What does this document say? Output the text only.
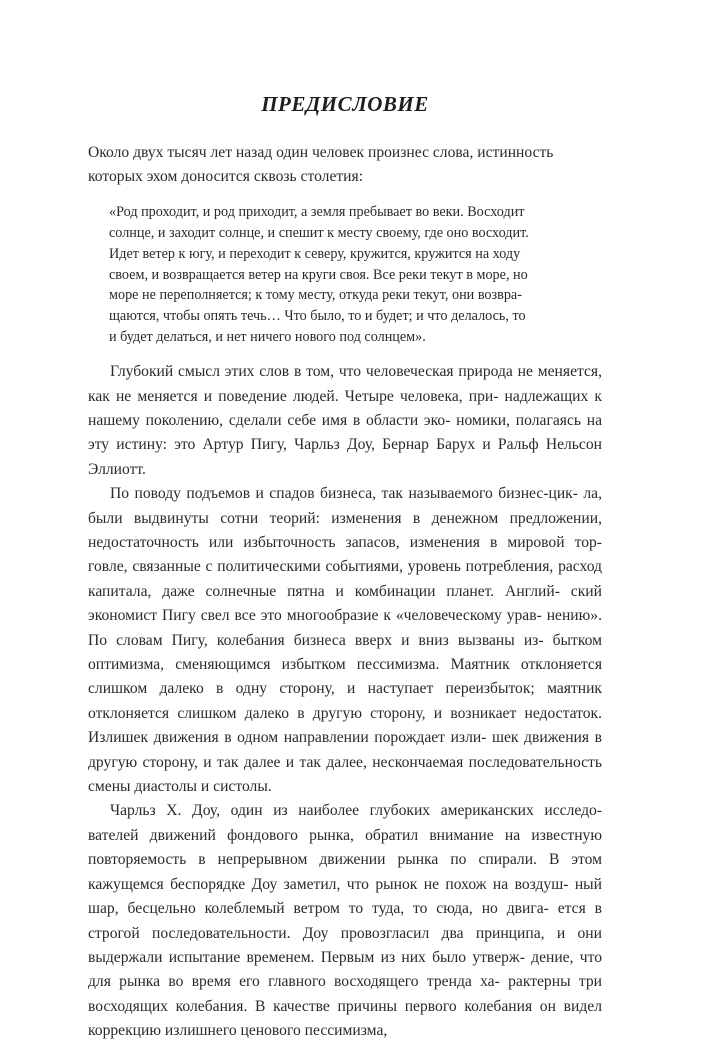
ПРЕДИСЛОВИЕ
Около двух тысяч лет назад один человек произнес слова, истинность
которых эхом доносится сквозь столетия:
«Род проходит, и род приходит, а земля пребывает во веки. Восходит
солнце, и заходит солнце, и спешит к месту своему, где оно восходит.
Идет ветер к югу, и переходит к северу, кружится, кружится на ходу
своем, и возвращается ветер на круги своя. Все реки текут в море, но
море не переполняется; к тому месту, откуда реки текут, они возвра-
щаются, чтобы опять течь… Что было, то и будет; и что делалось, то
и будет делаться, и нет ничего нового под солнцем».

Глубокий смысл этих слов в том, что человеческая природа не меняется, как не меняется и поведение людей. Четыре человека, при- надлежащих к нашему поколению, сделали себе имя в области эко- номики, полагаясь на эту истину: это Артур Пигу, Чарльз Доу, Бернар Барух и Ральф Нельсон Эллиотт.

По поводу подъемов и спадов бизнеса, так называемого бизнес-цик- ла, были выдвинуты сотни теорий: изменения в денежном предложении, недостаточность или избыточность запасов, изменения в мировой тор- говле, связанные с политическими событиями, уровень потребления, расход капитала, даже солнечные пятна и комбинации планет. Англий- ский экономист Пигу свел все это многообразие к «человеческому урав- нению». По словам Пигу, колебания бизнеса вверх и вниз вызваны из- бытком оптимизма, сменяющимся избытком пессимизма. Маятник отклоняется слишком далеко в одну сторону, и наступает переизбыток; маятник отклоняется слишком далеко в другую сторону, и возникает недостаток. Излишек движения в одном направлении порождает изли- шек движения в другую сторону, и так далее и так далее, нескончаемая последовательность смены диастолы и систолы.

Чарльз Х. Доу, один из наиболее глубоких американских исследо- вателей движений фондового рынка, обратил внимание на известную повторяемость в непрерывном движении рынка по спирали. В этом кажущемся беспорядке Доу заметил, что рынок не похож на воздуш- ный шар, бесцельно колеблемый ветром то туда, то сюда, но двига- ется в строгой последовательности. Доу провозгласил два принципа, и они выдержали испытание временем. Первым из них было утверж- дение, что для рынка во время его главного восходящего тренда ха- рактерны три восходящих колебания. В качестве причины первого колебания он видел коррекцию излишнего ценового пессимизма,
